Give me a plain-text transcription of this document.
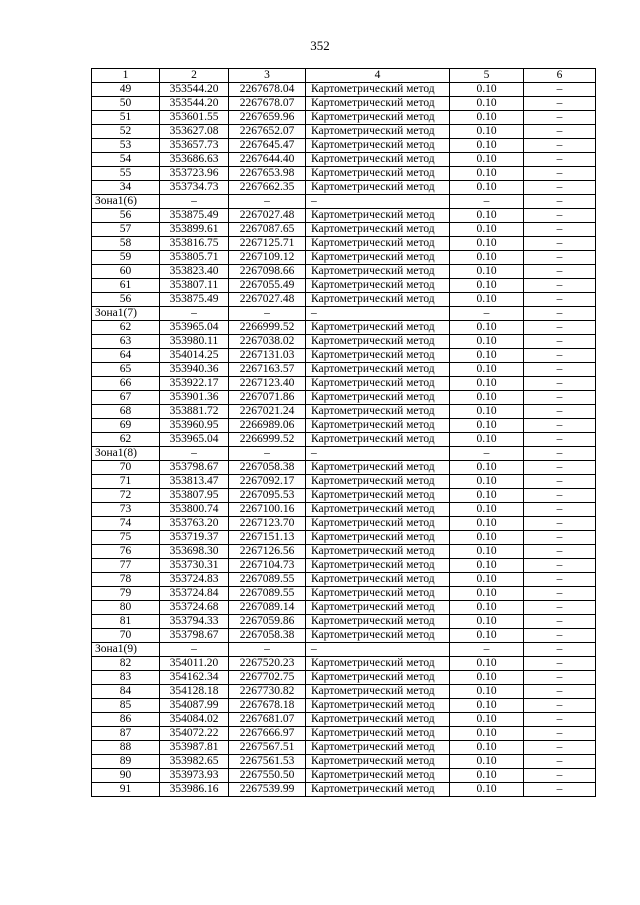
352
1	2	3	4	5	6
49	353544.20	2267678.04	Картометрический метод	0.10	–
50	353544.20	2267678.07	Картометрический метод	0.10	–
51	353601.55	2267659.96	Картометрический метод	0.10	–
52	353627.08	2267652.07	Картометрический метод	0.10	–
53	353657.73	2267645.47	Картометрический метод	0.10	–
54	353686.63	2267644.40	Картометрический метод	0.10	–
55	353723.96	2267653.98	Картометрический метод	0.10	–
34	353734.73	2267662.35	Картометрический метод	0.10	–
Зона1(6)	–	–	–	–	–
56	353875.49	2267027.48	Картометрический метод	0.10	–
57	353899.61	2267087.65	Картометрический метод	0.10	–
58	353816.75	2267125.71	Картометрический метод	0.10	–
59	353805.71	2267109.12	Картометрический метод	0.10	–
60	353823.40	2267098.66	Картометрический метод	0.10	–
61	353807.11	2267055.49	Картометрический метод	0.10	–
56	353875.49	2267027.48	Картометрический метод	0.10	–
Зона1(7)	–	–	–	–	–
62	353965.04	2266999.52	Картометрический метод	0.10	–
63	353980.11	2267038.02	Картометрический метод	0.10	–
64	354014.25	2267131.03	Картометрический метод	0.10	–
65	353940.36	2267163.57	Картометрический метод	0.10	–
66	353922.17	2267123.40	Картометрический метод	0.10	–
67	353901.36	2267071.86	Картометрический метод	0.10	–
68	353881.72	2267021.24	Картометрический метод	0.10	–
69	353960.95	2266989.06	Картометрический метод	0.10	–
62	353965.04	2266999.52	Картометрический метод	0.10	–
Зона1(8)	–	–	–	–	–
70	353798.67	2267058.38	Картометрический метод	0.10	–
71	353813.47	2267092.17	Картометрический метод	0.10	–
72	353807.95	2267095.53	Картометрический метод	0.10	–
73	353800.74	2267100.16	Картометрический метод	0.10	–
74	353763.20	2267123.70	Картометрический метод	0.10	–
75	353719.37	2267151.13	Картометрический метод	0.10	–
76	353698.30	2267126.56	Картометрический метод	0.10	–
77	353730.31	2267104.73	Картометрический метод	0.10	–
78	353724.83	2267089.55	Картометрический метод	0.10	–
79	353724.84	2267089.55	Картометрический метод	0.10	–
80	353724.68	2267089.14	Картометрический метод	0.10	–
81	353794.33	2267059.86	Картометрический метод	0.10	–
70	353798.67	2267058.38	Картометрический метод	0.10	–
Зона1(9)	–	–	–	–	–
82	354011.20	2267520.23	Картометрический метод	0.10	–
83	354162.34	2267702.75	Картометрический метод	0.10	–
84	354128.18	2267730.82	Картометрический метод	0.10	–
85	354087.99	2267678.18	Картометрический метод	0.10	–
86	354084.02	2267681.07	Картометрический метод	0.10	–
87	354072.22	2267666.97	Картометрический метод	0.10	–
88	353987.81	2267567.51	Картометрический метод	0.10	–
89	353982.65	2267561.53	Картометрический метод	0.10	–
90	353973.93	2267550.50	Картометрический метод	0.10	–
91	353986.16	2267539.99	Картометрический метод	0.10	–
